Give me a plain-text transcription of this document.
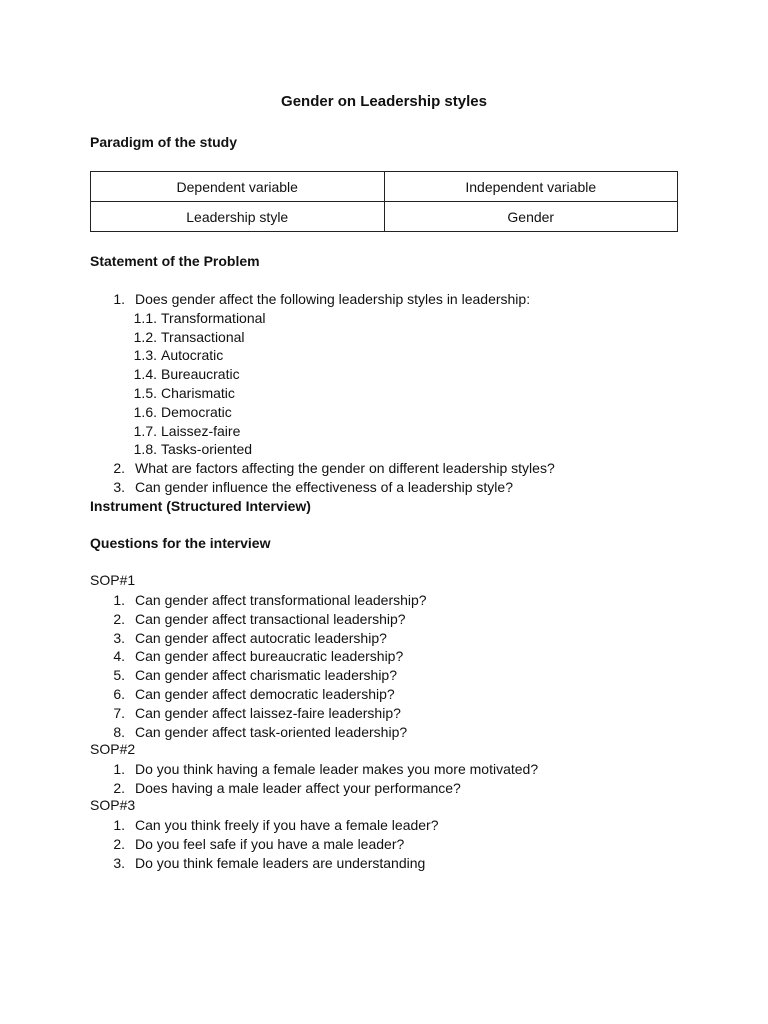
Gender on Leadership styles
Paradigm of the study
Dependent variable	Independent variable
Leadership style	Gender
Statement of the Problem
1. Does gender affect the following leadership styles in leadership:
1.1. Transformational
1.2. Transactional
1.3. Autocratic
1.4. Bureaucratic
1.5. Charismatic
1.6. Democratic
1.7. Laissez-faire
1.8. Tasks-oriented
2. What are factors affecting the gender on different leadership styles?
3. Can gender influence the effectiveness of a leadership style?
Instrument (Structured Interview)
Questions for the interview
SOP#1
1. Can gender affect transformational leadership?
2. Can gender affect transactional leadership?
3. Can gender affect autocratic leadership?
4. Can gender affect bureaucratic leadership?
5. Can gender affect charismatic leadership?
6. Can gender affect democratic leadership?
7. Can gender affect laissez-faire leadership?
8. Can gender affect task-oriented leadership?
SOP#2
1. Do you think having a female leader makes you more motivated?
2. Does having a male leader affect your performance?
SOP#3
1. Can you think freely if you have a female leader?
2. Do you feel safe if you have a male leader?
3. Do you think female leaders are understanding
